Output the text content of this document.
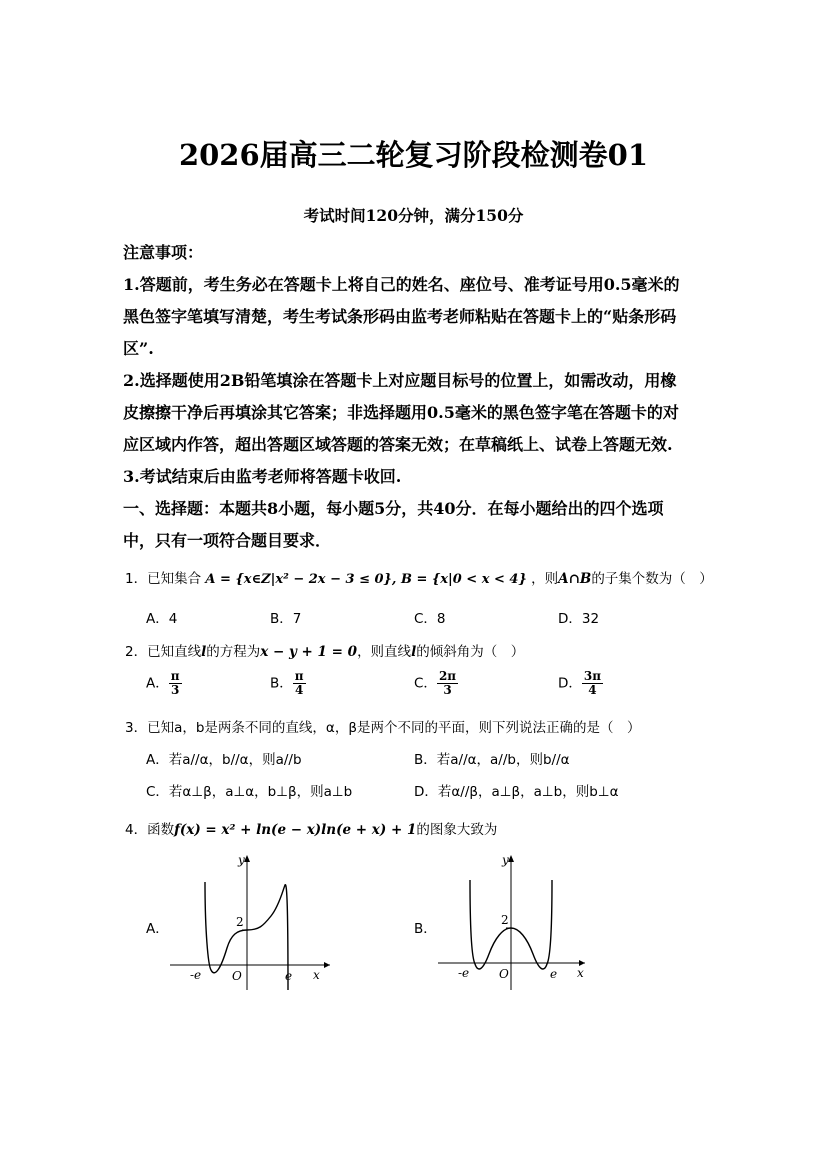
2026届高三二轮复习阶段检测卷01
考试时间120分钟，满分150分
注意事项：
1.答题前，考生务必在答题卡上将自己的姓名、座位号、准考证号用0.5毫米的
黑色签字笔填写清楚，考生考试条形码由监考老师粘贴在答题卡上的“贴条形码
区”.
2.选择题使用2B铅笔填涂在答题卡上对应题目标号的位置上，如需改动，用橡
皮擦擦干净后再填涂其它答案；非选择题用0.5毫米的黑色签字笔在答题卡的对
应区域内作答，超出答题区域答题的答案无效；在草稿纸上、试卷上答题无效.
3.考试结束后由监考老师将答题卡收回.
一、选择题：本题共8小题，每小题5分，共40分．在每小题给出的四个选项
中，只有一项符合题目要求．
1．已知集合 A = {x∈Z|x² − 2x − 3 ≤ 0}, B = {x|0 < x < 4} ，则A∩B的子集个数为（　）
A．4	B．7	C．8	D．32
2．已知直线l的方程为x − y + 1 = 0，则直线l的倾斜角为（　）
A． $\frac{\pi}{3}$	B． $\frac{\pi}{4}$	C． $\frac{2\pi}{3}$	D． $\frac{3\pi}{4}$
3．已知a，b是两条不同的直线，α，β是两个不同的平面，则下列说法正确的是（　）
A．若a//α，b//α，则a//b	B．若a//α，a//b，则b//α
C．若α⊥β，a⊥α，b⊥β，则a⊥b	D．若α//β，a⊥β，a⊥b，则b⊥α
4．函数f(x) = x² + ln(e − x)ln(e + x) + 1的图象大致为
A．
y
x
2
-e	O	e
B．
y
x
2
-e O	e
